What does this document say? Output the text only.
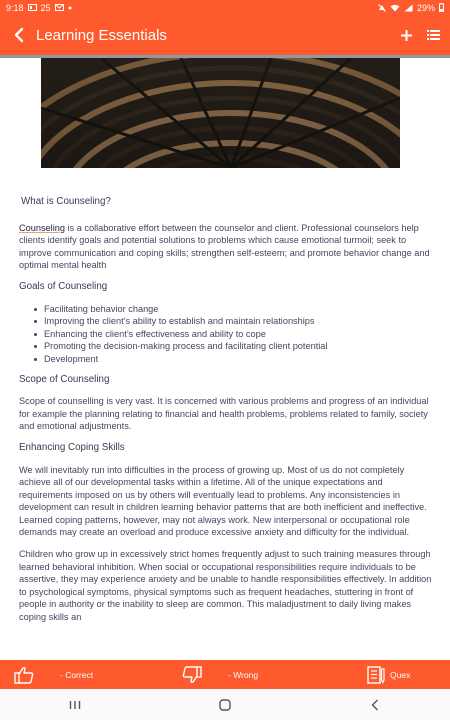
9:18 25	29%
Learning Essentials

What is Counseling?

Counseling is a collaborative effort between the counselor and client. Professional counselors help clients identify goals and potential solutions to problems which cause emotional turmoil; seek to improve communication and coping skills; strengthen self-esteem; and promote behavior change and optimal mental health

Goals of Counseling

Facilitating behavior change
Improving the client’s ability to establish and maintain relationships
Enhancing the client’s effectiveness and ability to cope
Promoting the decision-making process and facilitating client potential
Development

Scope of Counseling

Scope of counselling is very vast. It is concerned with various problems and progress of an individual for example the planning relating to financial and health problems, problems related to family, society and emotional adjustments.

Enhancing Coping Skills

We will inevitably run into difficulties in the process of growing up. Most of us do not completely achieve all of our developmental tasks within a lifetime. All of the unique expectations and requirements imposed on us by others will eventually lead to problems. Any inconsistencies in development can result in children learning behavior patterns that are both inefficient and ineffective. Learned coping patterns, however, may not always work. New interpersonal or occupational role demands may create an overload and produce excessive anxiety and difficulty for the individual.

Children who grow up in excessively strict homes frequently adjust to such training measures through learned behavioral inhibition. When social or occupational responsibilities require individuals to be assertive, they may experience anxiety and be unable to handle responsibilities effectively. In addition to psychological symptoms, physical symptoms such as frequent headaches, stuttering in front of people in authority or the inability to sleep are common. This maladjustment to daily living makes coping skills an

- Correct	- Wrong	Quex
